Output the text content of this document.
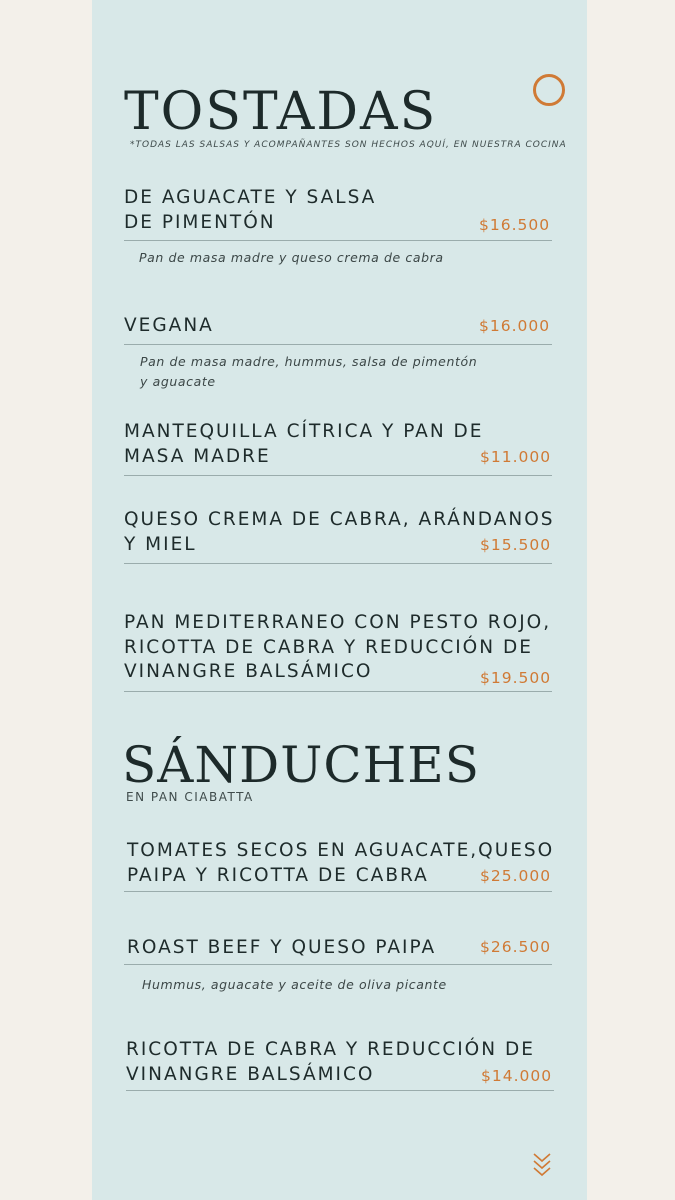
TOSTADAS

*TODAS LAS SALSAS Y ACOMPAÑANTES SON HECHOS AQUÍ, EN NUESTRA COCINA

DE AGUACATE Y SALSA
DE PIMENTÓN	$16.500

Pan de masa madre y queso crema de cabra

VEGANA	$16.000

Pan de masa madre, hummus, salsa de pimentón
y aguacate

MANTEQUILLA CÍTRICA Y PAN DE
MASA MADRE	$11.000

QUESO CREMA DE CABRA, ARÁNDANOS
Y MIEL	$15.500

PAN MEDITERRANEO CON PESTO ROJO,
RICOTTA DE CABRA Y REDUCCIÓN DE
VINANGRE BALSÁMICO	$19.500

SÁNDUCHES

EN PAN CIABATTA

TOMATES SECOS EN AGUACATE,QUESO
PAIPA Y RICOTTA DE CABRA	$25.000

ROAST BEEF Y QUESO PAIPA	$26.500

Hummus, aguacate y aceite de oliva picante

RICOTTA DE CABRA Y REDUCCIÓN DE
VINANGRE BALSÁMICO	$14.000
